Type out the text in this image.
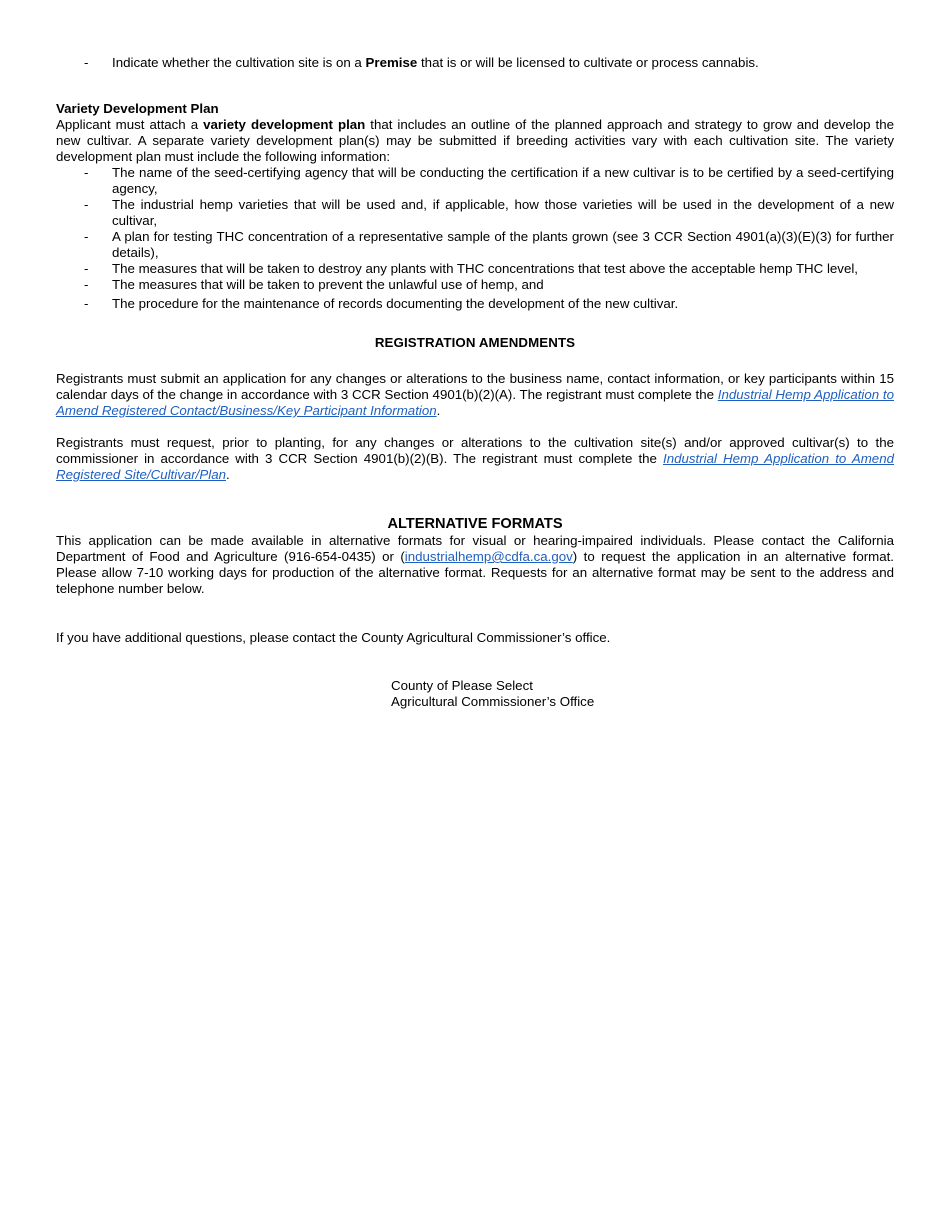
- Indicate whether the cultivation site is on a Premise that is or will be licensed to cultivate or process cannabis.

Variety Development Plan

Applicant must attach a variety development plan that includes an outline of the planned approach and strategy to grow and develop the new cultivar. A separate variety development plan(s) may be submitted if breeding activities vary with each cultivation site. The variety development plan must include the following information:

- The name of the seed-certifying agency that will be conducting the certification if a new cultivar is to be certified by a seed-certifying agency,
- The industrial hemp varieties that will be used and, if applicable, how those varieties will be used in the development of a new cultivar,
- A plan for testing THC concentration of a representative sample of the plants grown (see 3 CCR Section 4901(a)(3)(E)(3) for further details),
- The measures that will be taken to destroy any plants with THC concentrations that test above the acceptable hemp THC level,
- The measures that will be taken to prevent the unlawful use of hemp, and
- The procedure for the maintenance of records documenting the development of the new cultivar.

REGISTRATION AMENDMENTS

Registrants must submit an application for any changes or alterations to the business name, contact information, or key participants within 15 calendar days of the change in accordance with 3 CCR Section 4901(b)(2)(A). The registrant must complete the Industrial Hemp Application to Amend Registered Contact/Business/Key Participant Information.

Registrants must request, prior to planting, for any changes or alterations to the cultivation site(s) and/or approved cultivar(s) to the commissioner in accordance with 3 CCR Section 4901(b)(2)(B). The registrant must complete the Industrial Hemp Application to Amend Registered Site/Cultivar/Plan.

ALTERNATIVE FORMATS

This application can be made available in alternative formats for visual or hearing-impaired individuals. Please contact the California Department of Food and Agriculture (916-654-0435) or (industrialhemp@cdfa.ca.gov) to request the application in an alternative format. Please allow 7-10 working days for production of the alternative format. Requests for an alternative format may be sent to the address and telephone number below.

If you have additional questions, please contact the County Agricultural Commissioner’s office.

County of Please Select
Agricultural Commissioner’s Office
